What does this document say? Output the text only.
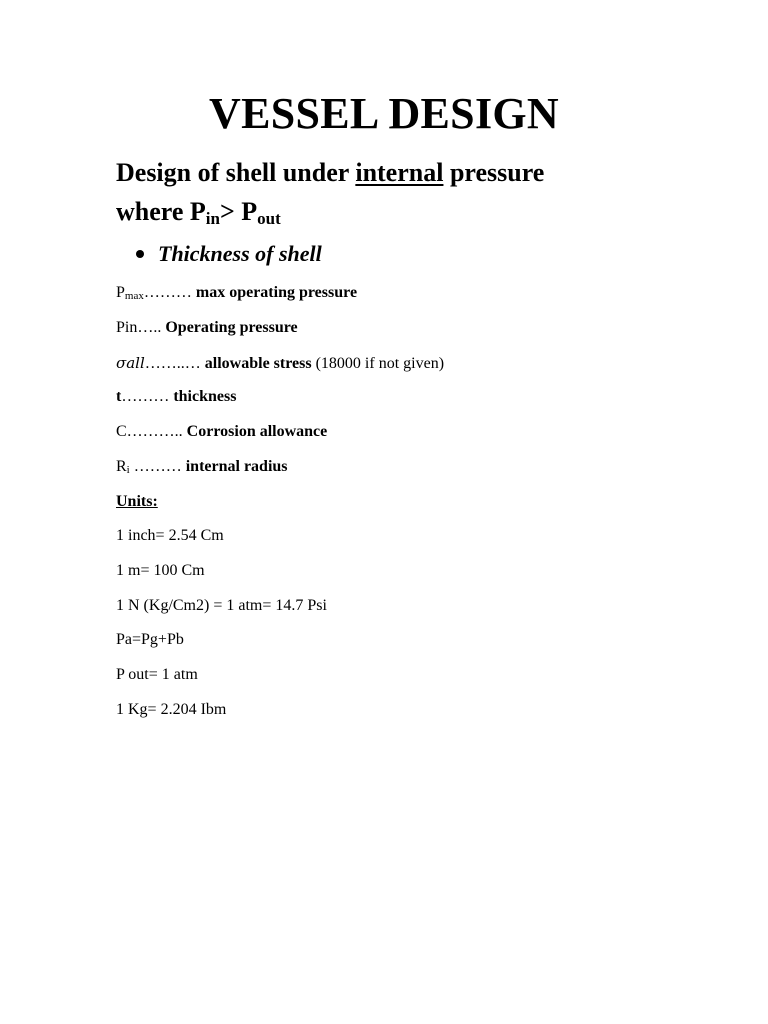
VESSEL DESIGN
Design of shell under internal pressure
where $P_{in}> P_{out}$
Thickness of shell
$P_{max}\dots\dots\dots$ max operating pressure
Pin….. Operating pressure
σall……..… allowable stress (18000 if not given)
t……… thickness
C……….. Corrosion allowance
$R_i$ ……… internal radius
Units:
1 inch= 2.54 Cm
1 m= 100 Cm
1 N (Kg/Cm2) = 1 atm= 14.7 Psi
Pa=Pg+Pb
P out= 1 atm
1 Kg= 2.204 Ibm
